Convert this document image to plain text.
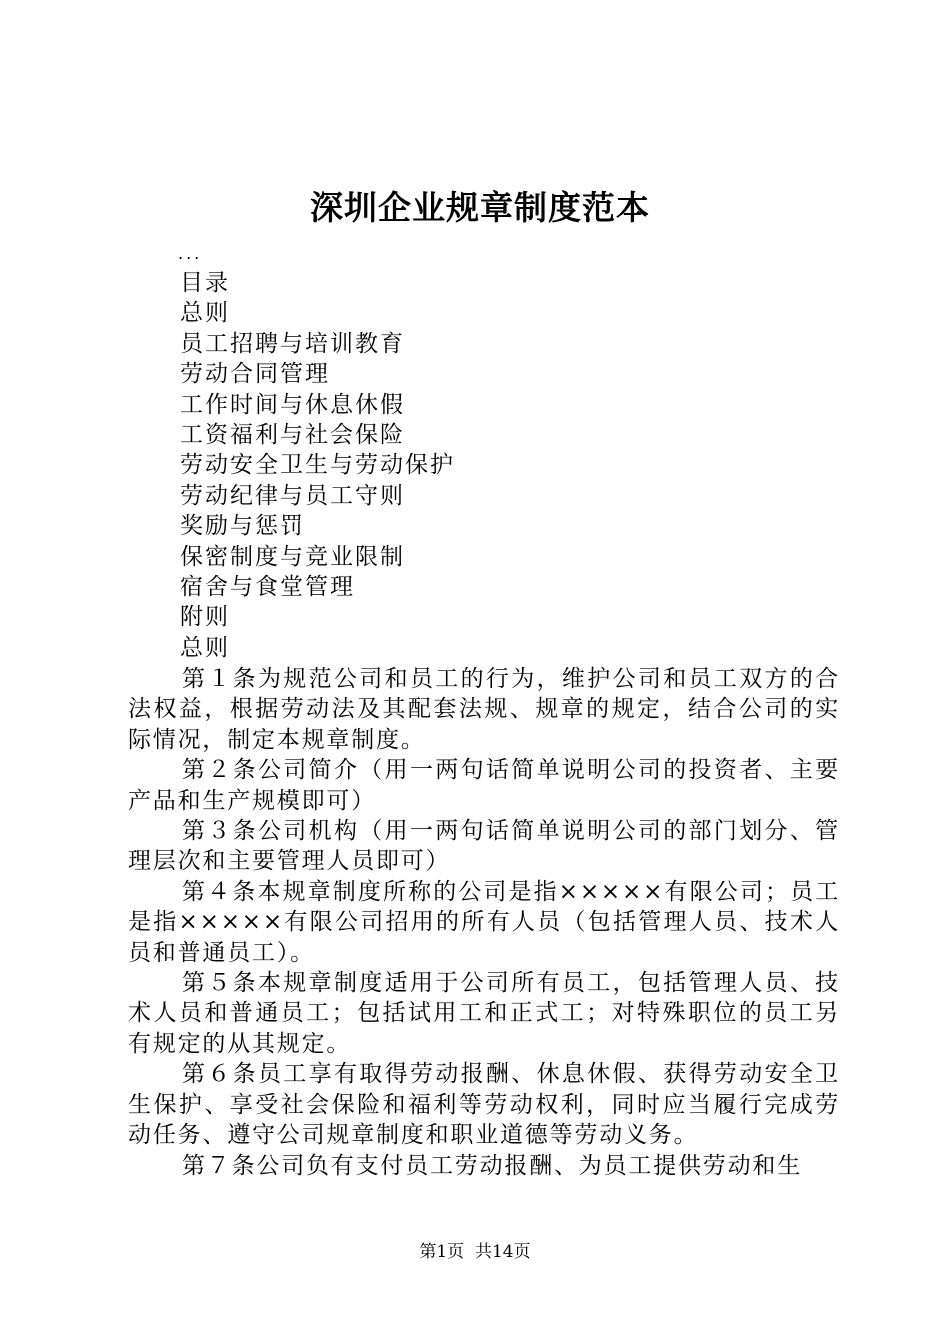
深圳企业规章制度范本
...
目录
总则
员工招聘与培训教育
劳动合同管理
工作时间与休息休假
工资福利与社会保险
劳动安全卫生与劳动保护
劳动纪律与员工守则
奖励与惩罚
保密制度与竞业限制
宿舍与食堂管理
附则
总则

第１条为规范公司和员工的行为，维护公司和员工双方的合法权益，根据劳动法及其配套法规、规章的规定，结合公司的实际情况，制定本规章制度。

第２条公司简介（用一两句话简单说明公司的投资者、主要产品和生产规模即可）

第３条公司机构（用一两句话简单说明公司的部门划分、管理层次和主要管理人员即可）

第４条本规章制度所称的公司是指×××××有限公司；员工是指×××××有限公司招用的所有人员（包括管理人员、技术人员和普通员工）。

第５条本规章制度适用于公司所有员工，包括管理人员、技术人员和普通员工；包括试用工和正式工；对特殊职位的员工另有规定的从其规定。

第６条员工享有取得劳动报酬、休息休假、获得劳动安全卫生保护、享受社会保险和福利等劳动权利，同时应当履行完成劳动任务、遵守公司规章制度和职业道德等劳动义务。

第７条公司负有支付员工劳动报酬、为员工提供劳动和生

第1页  共14页
